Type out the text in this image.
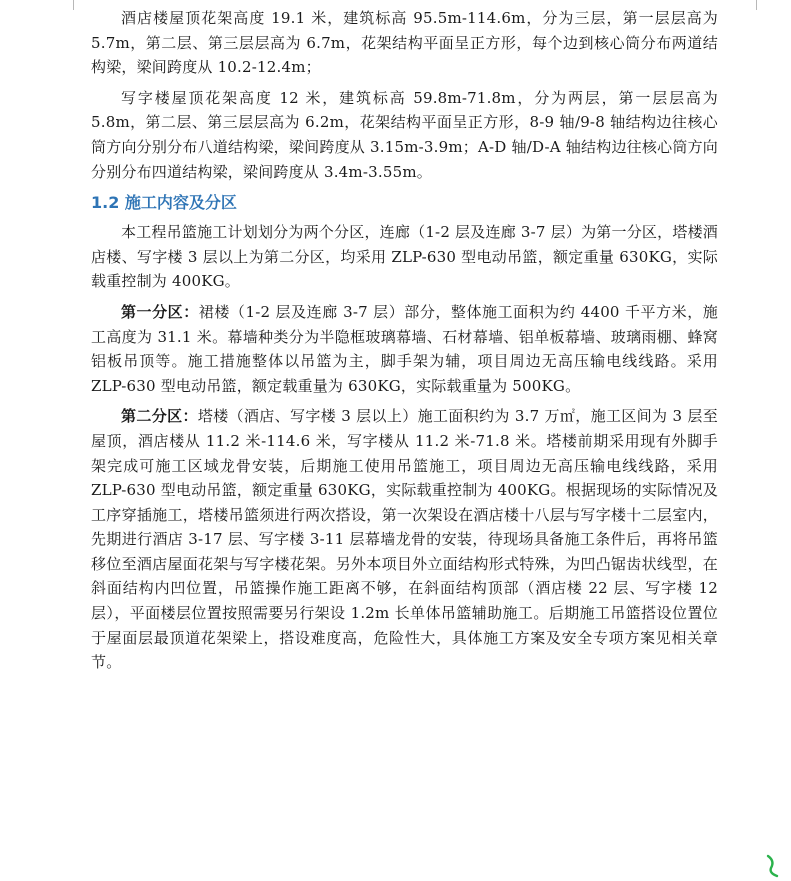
酒店楼屋顶花架高度 19.1 米，建筑标高 95.5m-114.6m，分为三层，第一层层高为 5.7m，第二层、第三层层高为 6.7m，花架结构平面呈正方形，每个边到核心筒分布两道结构梁，梁间跨度从 10.2-12.4m；

写字楼屋顶花架高度 12 米，建筑标高 59.8m-71.8m，分为两层，第一层层高为 5.8m，第二层、第三层层高为 6.2m，花架结构平面呈正方形，8-9 轴/9-8 轴结构边往核心筒方向分别分布八道结构梁，梁间跨度从 3.15m-3.9m；A-D 轴/D-A 轴结构边往核心筒方向分别分布四道结构梁，梁间跨度从 3.4m-3.55m。

1.2 施工内容及分区

本工程吊篮施工计划划分为两个分区，连廊（1-2 层及连廊 3-7 层）为第一分区，塔楼酒店楼、写字楼 3 层以上为第二分区，均采用 ZLP-630 型电动吊篮，额定重量 630KG，实际载重控制为 400KG。

第一分区：裙楼（1-2 层及连廊 3-7 层）部分，整体施工面积为约 4400 千平方米，施工高度为 31.1 米。幕墙种类分为半隐框玻璃幕墙、石材幕墙、铝单板幕墙、玻璃雨棚、蜂窝铝板吊顶等。施工措施整体以吊篮为主，脚手架为辅，项目周边无高压输电线线路。采用 ZLP-630 型电动吊篮，额定载重量为 630KG，实际载重量为 500KG。

第二分区：塔楼（酒店、写字楼 3 层以上）施工面积约为 3.7 万㎡，施工区间为 3 层至屋顶，酒店楼从 11.2 米-114.6 米，写字楼从 11.2 米-71.8 米。塔楼前期采用现有外脚手架完成可施工区域龙骨安装，后期施工使用吊篮施工，项目周边无高压输电线线路，采用 ZLP-630 型电动吊篮，额定重量 630KG，实际载重控制为 400KG。根据现场的实际情况及工序穿插施工，塔楼吊篮须进行两次搭设，第一次架设在酒店楼十八层与写字楼十二层室内，先期进行酒店 3-17 层、写字楼 3-11 层幕墙龙骨的安装，待现场具备施工条件后，再将吊篮移位至酒店屋面花架与写字楼花架。另外本项目外立面结构形式特殊，为凹凸锯齿状线型，在斜面结构内凹位置，吊篮操作施工距离不够，在斜面结构顶部（酒店楼 22 层、写字楼 12 层），平面楼层位置按照需要另行架设 1.2m 长单体吊篮辅助施工。后期施工吊篮搭设位置位于屋面层最顶道花架梁上，搭设难度高，危险性大，具体施工方案及安全专项方案见相关章节。
